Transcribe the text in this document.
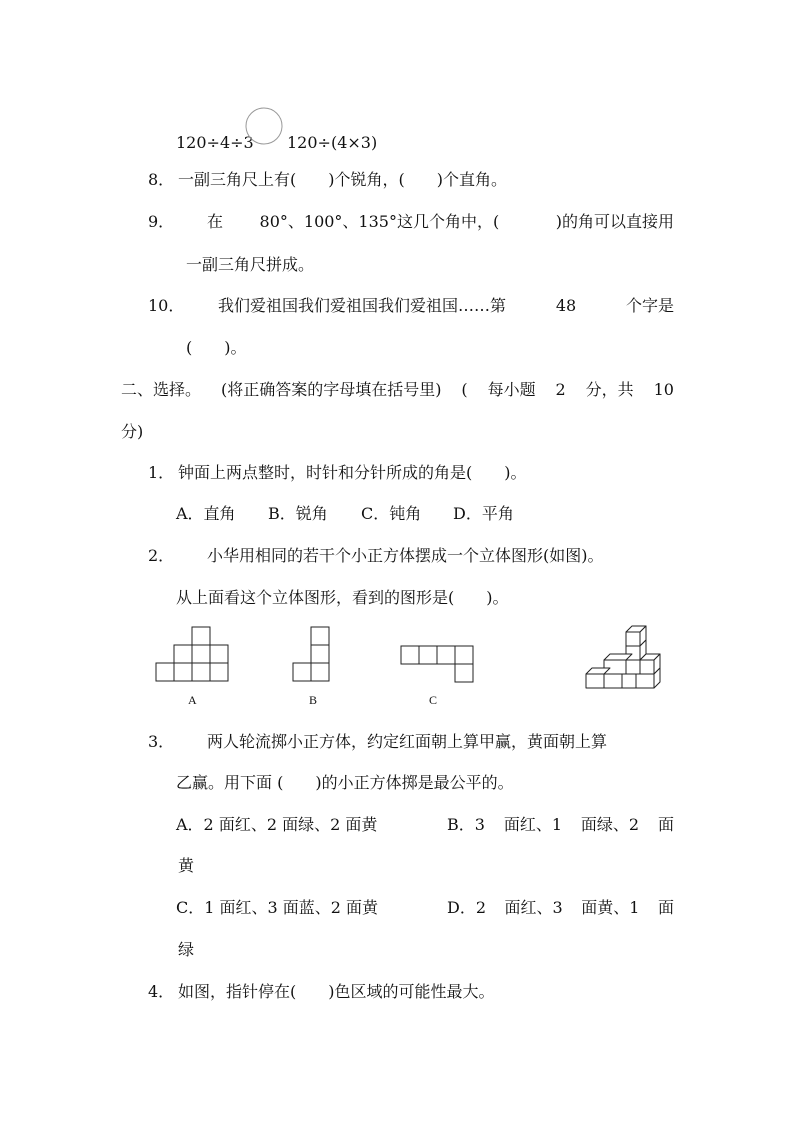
120÷4÷3 120÷(4×3)
8． 一副三角尺上有(　　)个锐角，(　　)个直角。
9． 在 80°、100°、135°这几个角中，(	)的角可以直接用
一副三角尺拼成。
10． 我们爱祖国我们爱祖国我们爱祖国……第	48	个字是
(　　)。
二、选择。 (将正确答案的字母填在括号里) ( 每小题 2 分，共 10
分)
1． 钟面上两点整时，时针和分针所成的角是(　　)。
A．直角 B．锐角 C．钝角 D．平角
2． 小华用相同的若干个小正方体摆成一个立体图形(如图)。
从上面看这个立体图形，看到的图形是(　　)。
A	B	C
3． 两人轮流掷小正方体，约定红面朝上算甲赢，黄面朝上算
乙赢。用下面 (　　)的小正方体掷是最公平的。
A．2 面红、2 面绿、2 面黄	B．3 面红、1 面绿、2 面
黄
C．1 面红、3 面蓝、2 面黄	D．2 面红、3 面黄、1 面
绿
4． 如图，指针停在(　　)色区域的可能性最大。
